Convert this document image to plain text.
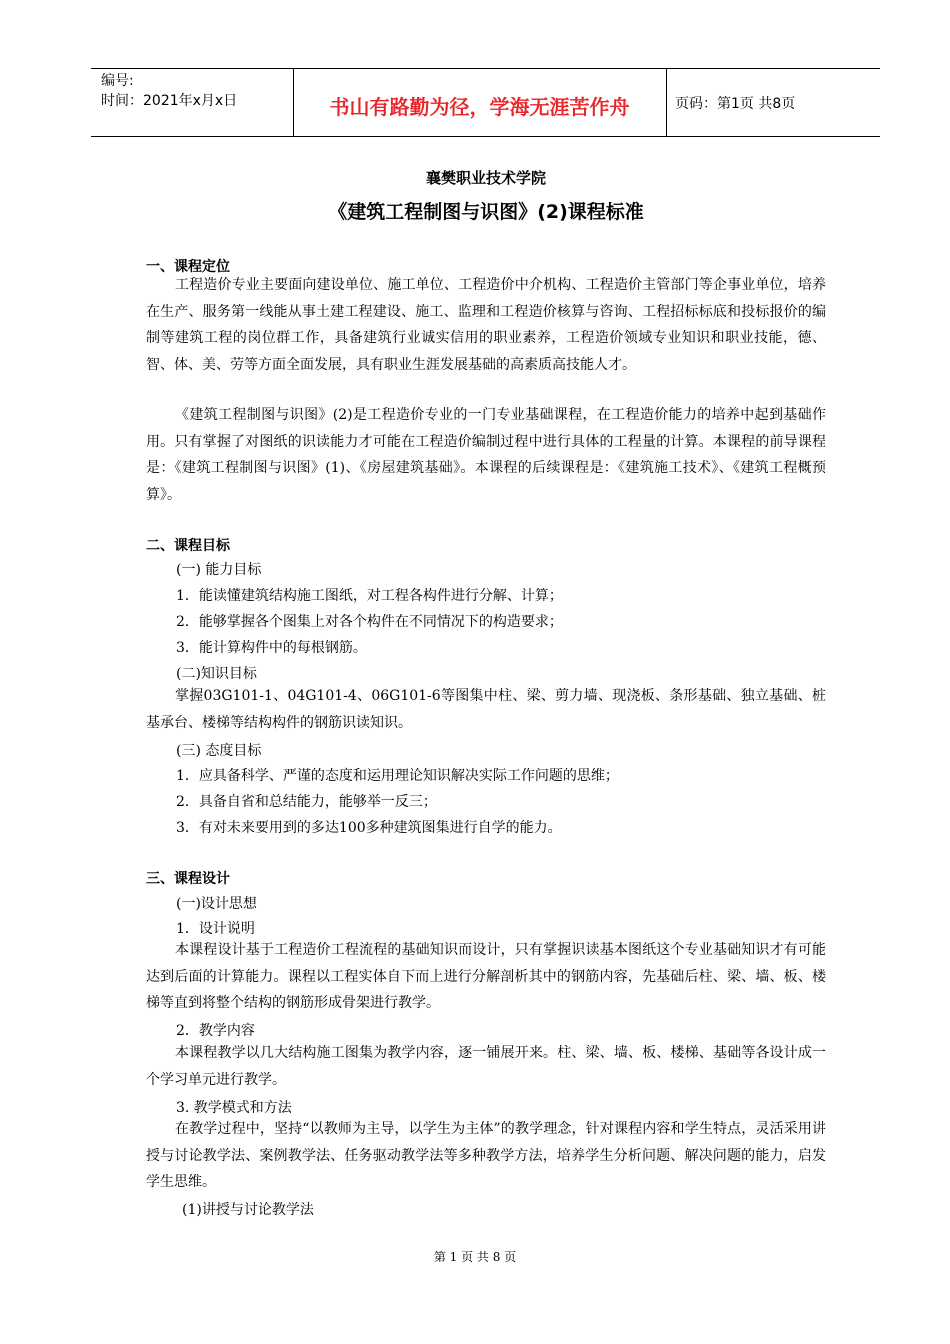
编号:
时间：2021年x月x日	书山有路勤为径，学海无涯苦作舟	页码：第1页 共8页
襄樊职业技术学院
《建筑工程制图与识图》(2)课程标准
一、课程定位

工程造价专业主要面向建设单位、施工单位、工程造价中介机构、工程造价主管部门等企事业单位，培养在生产、服务第一线能从事土建工程建设、施工、监理和工程造价核算与咨询、工程招标标底和投标报价的编制等建筑工程的岗位群工作，具备建筑行业诚实信用的职业素养，工程造价领域专业知识和职业技能，德、智、体、美、劳等方面全面发展，具有职业生涯发展基础的高素质高技能人才。

《建筑工程制图与识图》(2)是工程造价专业的一门专业基础课程，在工程造价能力的培养中起到基础作用。只有掌握了对图纸的识读能力才可能在工程造价编制过程中进行具体的工程量的计算。本课程的前导课程是：《建筑工程制图与识图》(1)、《房屋建筑基础》。本课程的后续课程是：《建筑施工技术》、《建筑工程概预算》。

二、课程目标
(一) 能力目标
1．能读懂建筑结构施工图纸，对工程各构件进行分解、计算；
2．能够掌握各个图集上对各个构件在不同情况下的构造要求；
3．能计算构件中的每根钢筋。
(二)知识目标

掌握03G101-1、04G101-4、06G101-6等图集中柱、梁、剪力墙、现浇板、条形基础、独立基础、桩基承台、楼梯等结构构件的钢筋识读知识。

(三) 态度目标
1．应具备科学、严谨的态度和运用理论知识解决实际工作问题的思维；
2．具备自省和总结能力，能够举一反三；
3．有对未来要用到的多达100多种建筑图集进行自学的能力。
三、课程设计
(一)设计思想
1．设计说明

本课程设计基于工程造价工程流程的基础知识而设计，只有掌握识读基本图纸这个专业基础知识才有可能达到后面的计算能力。课程以工程实体自下而上进行分解剖析其中的钢筋内容，先基础后柱、梁、墙、板、楼梯等直到将整个结构的钢筋形成骨架进行教学。

2．教学内容

本课程教学以几大结构施工图集为教学内容，逐一铺展开来。柱、梁、墙、板、楼梯、基础等各设计成一个学习单元进行教学。

3. 教学模式和方法

在教学过程中，坚持“以教师为主导，以学生为主体”的教学理念，针对课程内容和学生特点，灵活采用讲授与讨论教学法、案例教学法、任务驱动教学法等多种教学方法，培养学生分析问题、解决问题的能力，启发学生思维。

(1)讲授与讨论教学法
第 1 页 共 8 页
